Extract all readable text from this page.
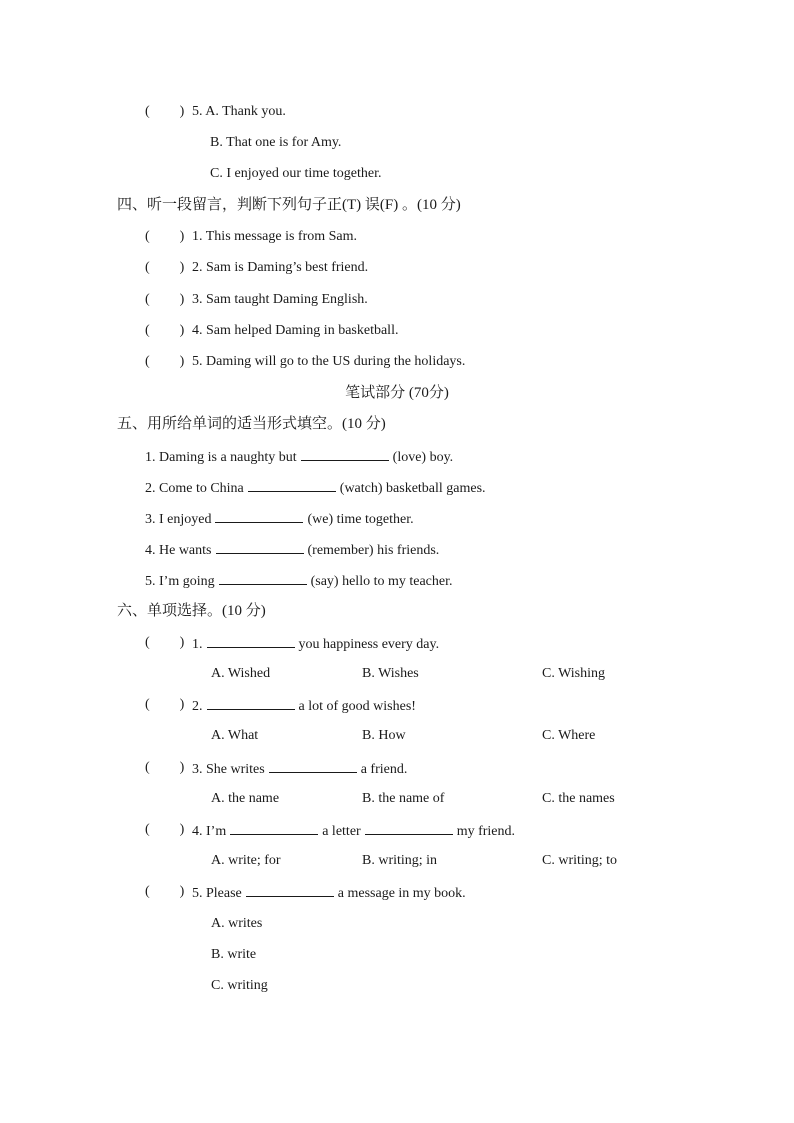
( ) 5. A. Thank you.
B. That one is for Amy.
C. I enjoyed our time together.
四、听一段留言，判断下列句子正(T) 误(F) 。(10 分)
( ) 1. This message is from Sam.
( ) 2. Sam is Daming’s best friend.
( ) 3. Sam taught Daming English.
( ) 4. Sam helped Daming in basketball.
( ) 5. Daming will go to the US during the holidays.
笔试部分 (70分)
五、用所给单词的适当形式填空。(10 分)
1. Daming is a naughty but	(love) boy.
2. Come to China	(watch) basketball games.
3. I enjoyed	(we) time together.
4. He wants	(remember) his friends.
5. I’m going	(say) hello to my teacher.
六、单项选择。(10 分)
( ) 1.	you happiness every day.
A. Wished	B. Wishes	C. Wishing
( ) 2.	a lot of good wishes!
A. What	B. How	C. Where
( ) 3. She writes	a friend.
A. the name	B. the name of	C. the names
( ) 4. I’m	a letter	my friend.
A. write; for	B. writing; in	C. writing; to
( ) 5. Please	a message in my book.
A. writes
B. write
C. writing
